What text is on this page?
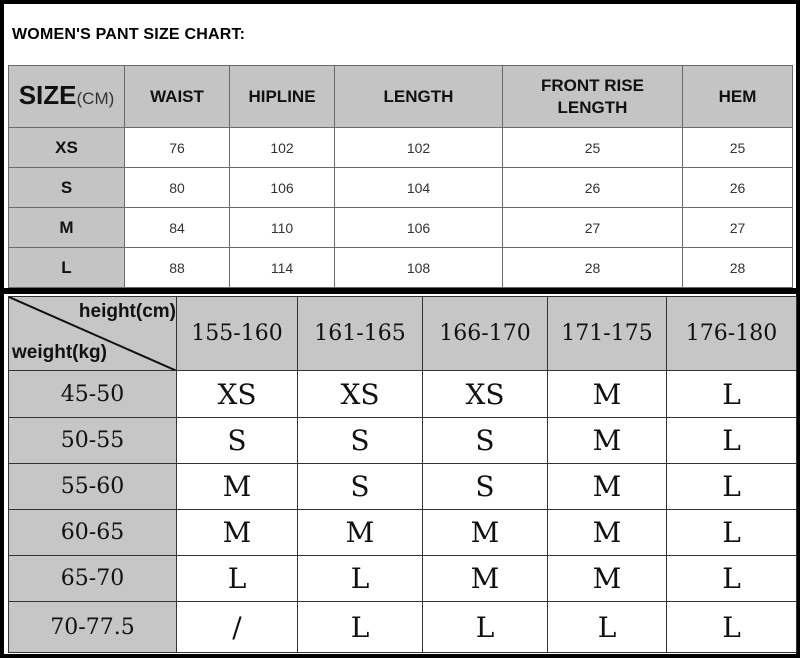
WOMEN'S PANT SIZE CHART:
SIZE(CM)	WAIST	HIPLINE	LENGTH	FRONT RISE LENGTH	HEM
XS	76	102	102	25	25
S	80	106	104	26	26
M	84	110	106	27	27
L	88	114	108	28	28
height(cm)
weight(kg)	155-160	161-165	166-170	171-175	176-180
45-50	XS	XS	XS	M	L
50-55	S	S	S	M	L
55-60	M	S	S	M	L
60-65	M	M	M	M	L
65-70	L	L	M	M	L
70-77.5	/	L	L	L	L
